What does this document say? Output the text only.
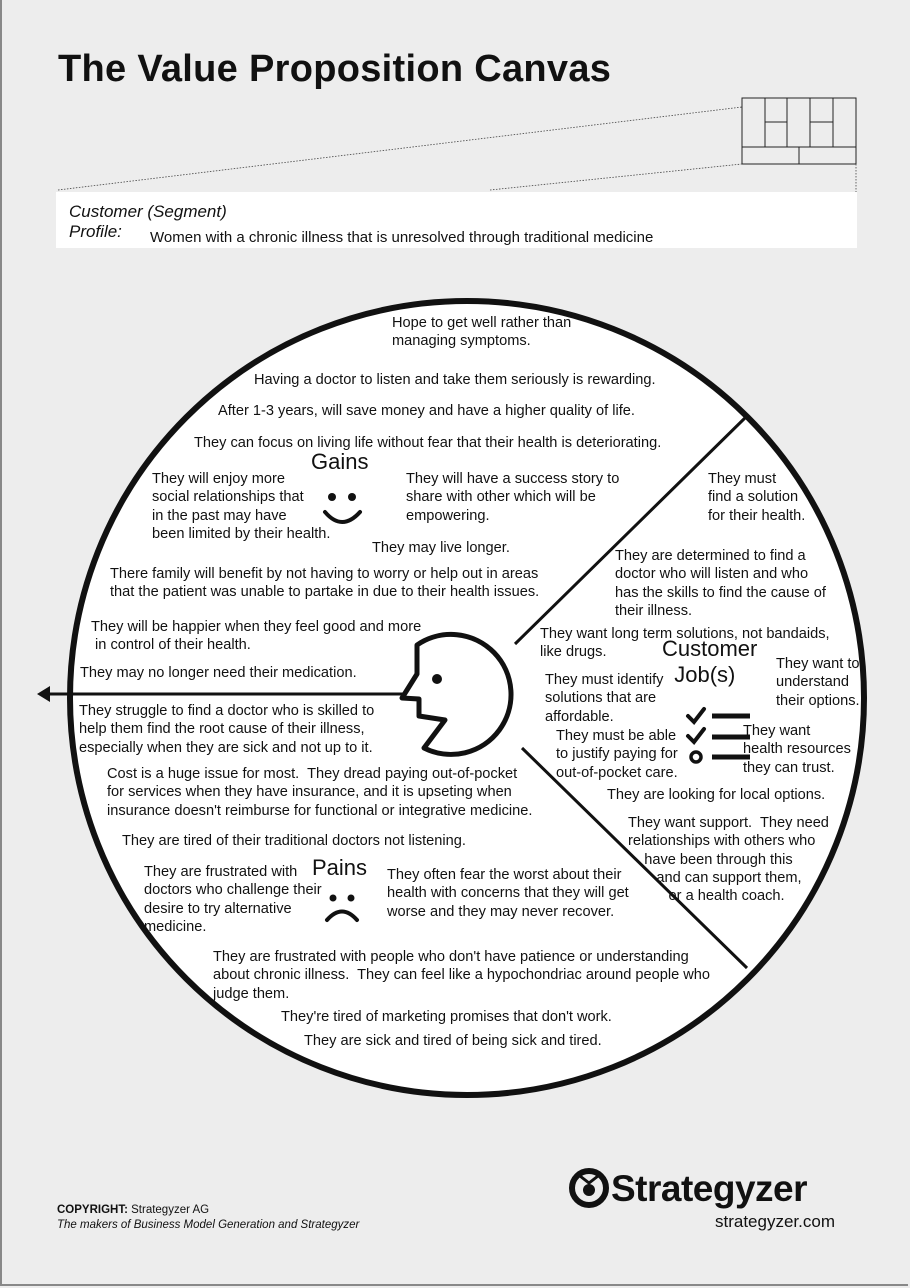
The Value Proposition Canvas
Customer (Segment)
Profile:	Women with a chronic illness that is unresolved through traditional medicine
Gains
Pains
Customer
Job(s)
Hope to get well rather than
managing symptoms.
Having a doctor to listen and take them seriously is rewarding.
After 1-3 years, will save money and have a higher quality of life.
They can focus on living life without fear that their health is deteriorating.
They will enjoy more
social relationships that
in the past may have
been limited by their health.
They will have a success story to
share with other which will be
empowering.
They may live longer.
There family will benefit by not having to worry or help out in areas
that the patient was unable to partake in due to their health issues.
They will be happier when they feel good and more
in control of their health.
They may no longer need their medication.
They struggle to find a doctor who is skilled to
help them find the root cause of their illness,
especially when they are sick and not up to it.
Cost is a huge issue for most.  They dread paying out-of-pocket
for services when they have insurance, and it is upseting when
insurance doesn't reimburse for functional or integrative medicine.
They are tired of their traditional doctors not listening.
They are frustrated with
doctors who challenge their
desire to try alternative
medicine.
They often fear the worst about their
health with concerns that they will get
worse and they may never recover.
They are frustrated with people who don't have patience or understanding
about chronic illness.  They can feel like a hypochondriac around people who
judge them.
They're tired of marketing promises that don't work.
They are sick and tired of being sick and tired.
They must
find a solution
for their health.
They are determined to find a
doctor who will listen and who
has the skills to find the cause of
their illness.
They want long term solutions, not bandaids,
like drugs.
They want to
understand
their options.
They must identify
solutions that are
affordable.
They must be able
to justify paying for
out-of-pocket care.
They want
health resources
they can trust.
They are looking for local options.
They want support.  They need
relationships with others who
have been through this
and can support them,
or a health coach.
COPYRIGHT: Strategyzer AG
The makers of Business Model Generation and Strategyzer
Strategyzer
strategyzer.com
